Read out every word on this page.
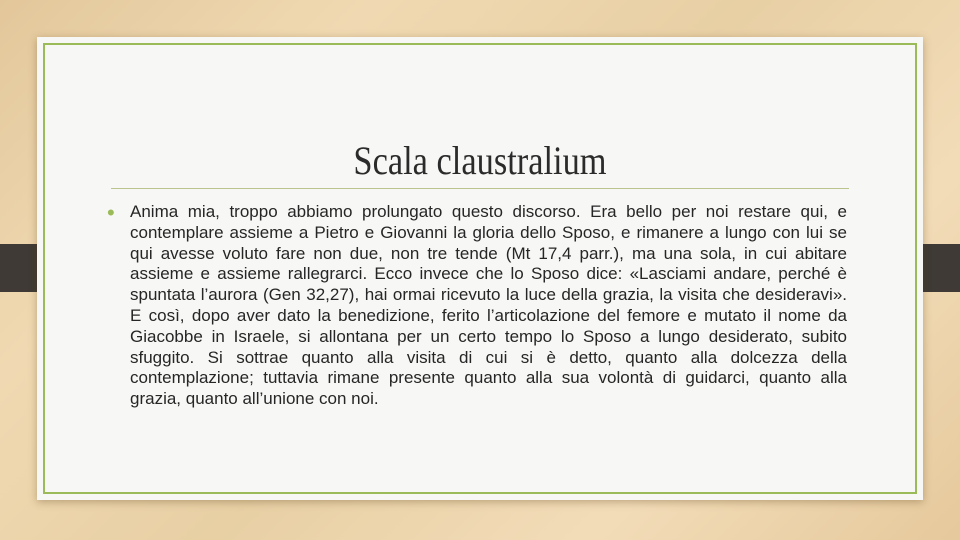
Scala claustralium
• Anima mia, troppo abbiamo prolungato questo discorso. Era bello per noi restare qui, e contemplare assieme a Pietro e Giovanni la gloria dello Sposo, e rimanere a lungo con lui se qui avesse voluto fare non due, non tre tende (Mt 17,4 parr.), ma una sola, in cui abitare assieme e assieme rallegrarci. Ecco invece che lo Sposo dice: «Lasciami andare, perché è spuntata l’aurora (Gen 32,27), hai ormai ricevuto la luce della grazia, la visita che desideravi». E così, dopo aver dato la benedizione, ferito l’articolazione del femore e mutato il nome da Giacobbe in Israele, si allontana per un certo tempo lo Sposo a lungo desiderato, subito sfuggito. Si sottrae quanto alla visita di cui si è detto, quanto alla dolcezza della contemplazione; tuttavia rimane presente quanto alla sua volontà di guidarci, quanto alla grazia, quanto all’unione con noi.
